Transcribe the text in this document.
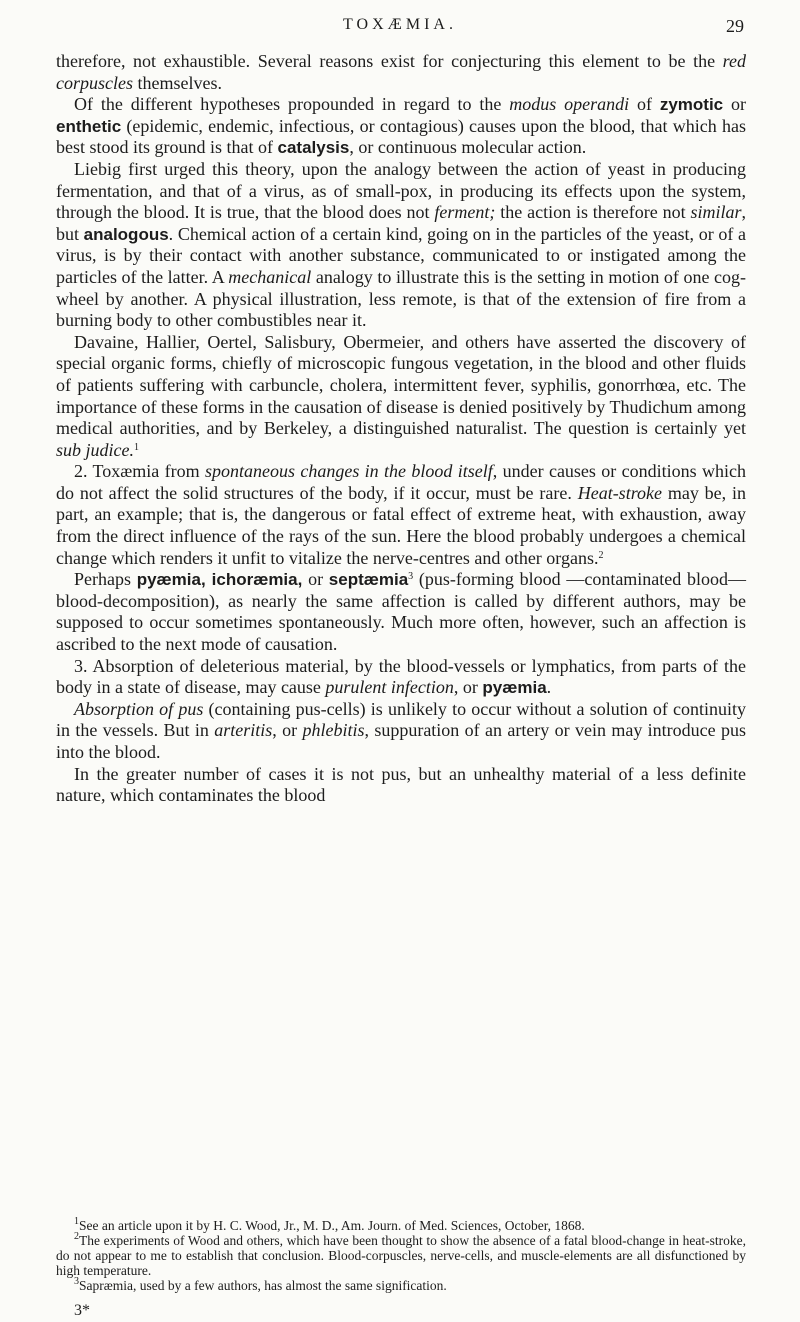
TOXÆMIA.	29

therefore, not exhaustible. Several reasons exist for conjecturing this element to be the red corpuscles themselves.

Of the different hypotheses propounded in regard to the modus operandi of zymotic or enthetic (epidemic, endemic, infectious, or contagious) causes upon the blood, that which has best stood its ground is that of catalysis, or continuous molecular action.

Liebig first urged this theory, upon the analogy between the action of yeast in producing fermentation, and that of a virus, as of small-pox, in producing its effects upon the system, through the blood. It is true, that the blood does not ferment; the action is therefore not similar, but analogous. Chemical action of a certain kind, going on in the particles of the yeast, or of a virus, is by their contact with another substance, communicated to or instigated among the particles of the latter. A mechanical analogy to illustrate this is the setting in motion of one cog-wheel by another. A physical illustration, less remote, is that of the extension of fire from a burning body to other combustibles near it.

Davaine, Hallier, Oertel, Salisbury, Obermeier, and others have asserted the discovery of special organic forms, chiefly of microscopic fungous vegetation, in the blood and other fluids of patients suffering with carbuncle, cholera, intermittent fever, syphilis, gonorrhœa, etc. The importance of these forms in the causation of disease is denied positively by Thudichum among medical authorities, and by Berkeley, a distinguished naturalist. The question is certainly yet sub judice.$^1$

2. Toxæmia from spontaneous changes in the blood itself, under causes or conditions which do not affect the solid structures of the body, if it occur, must be rare. Heat-stroke may be, in part, an example; that is, the dangerous or fatal effect of extreme heat, with exhaustion, away from the direct influence of the rays of the sun. Here the blood probably undergoes a chemical change which renders it unfit to vitalize the nerve-centres and other organs.$^2$

Perhaps pyæmia, ichoræmia, or septæmia$^3$ (pus-forming blood —contaminated blood—blood-decomposition), as nearly the same affection is called by different authors, may be supposed to occur sometimes spontaneously. Much more often, however, such an affection is ascribed to the next mode of causation.

3. Absorption of deleterious material, by the blood-vessels or lymphatics, from parts of the body in a state of disease, may cause purulent infection, or pyæmia.

Absorption of pus (containing pus-cells) is unlikely to occur without a solution of continuity in the vessels. But in arteritis, or phlebitis, suppuration of an artery or vein may introduce pus into the blood.

In the greater number of cases it is not pus, but an unhealthy material of a less definite nature, which contaminates the blood

$^1$See an article upon it by H. C. Wood, Jr., M. D., Am. Journ. of Med. Sciences, October, 1868.

$^2$The experiments of Wood and others, which have been thought to show the absence of a fatal blood-change in heat-stroke, do not appear to me to establish that conclusion. Blood-corpuscles, nerve-cells, and muscle-elements are all disfunctioned by high temperature.

$^3$Sapræmia, used by a few authors, has almost the same signification.

3*
